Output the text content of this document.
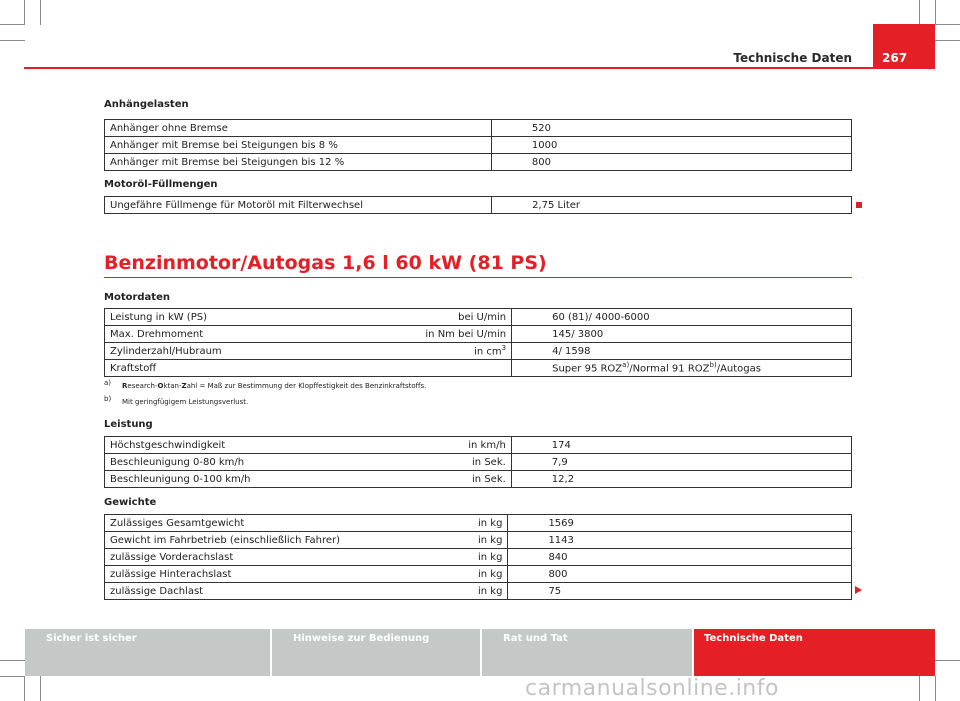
Technische Daten	267
Anhängelasten
Anhänger ohne Bremse		520
Anhänger mit Bremse bei Steigungen bis 8 %		1000
Anhänger mit Bremse bei Steigungen bis 12 %		800
Motoröl-Füllmengen
Ungefähre Füllmenge für Motoröl mit Filterwechsel		2,75 Liter
Benzinmotor/Autogas 1,6 l 60 kW (81 PS)
Motordaten
Leistung in kW (PS)	bei U/min	60 (81)/ 4000-6000
Max. Drehmoment	in Nm bei U/min	145/ 3800
Zylinderzahl/Hubraum	in $cm^3$	4/ 1598
Kraftstoff		Super 95 ROZ$^{a)}$/Normal 91 ROZ$^{b)}$/Autogas
a) Research-Oktan-Zahl = Maß zur Bestimmung der Klopffestigkeit des Benzinkraftstoffs.
b) Mit geringfügigem Leistungsverlust.
Leistung
Höchstgeschwindigkeit	in km/h	174
Beschleunigung 0-80 km/h	in Sek.	7,9
Beschleunigung 0-100 km/h	in Sek.	12,2
Gewichte
Zulässiges Gesamtgewicht	in kg	1569
Gewicht im Fahrbetrieb (einschließlich Fahrer)	in kg	1143
zulässige Vorderachslast	in kg	840
zulässige Hinterachslast	in kg	800
zulässige Dachlast	in kg	75
Sicher ist sicher	Hinweise zur Bedienung	Rat und Tat	Technische Daten
carmanualsonline.info
